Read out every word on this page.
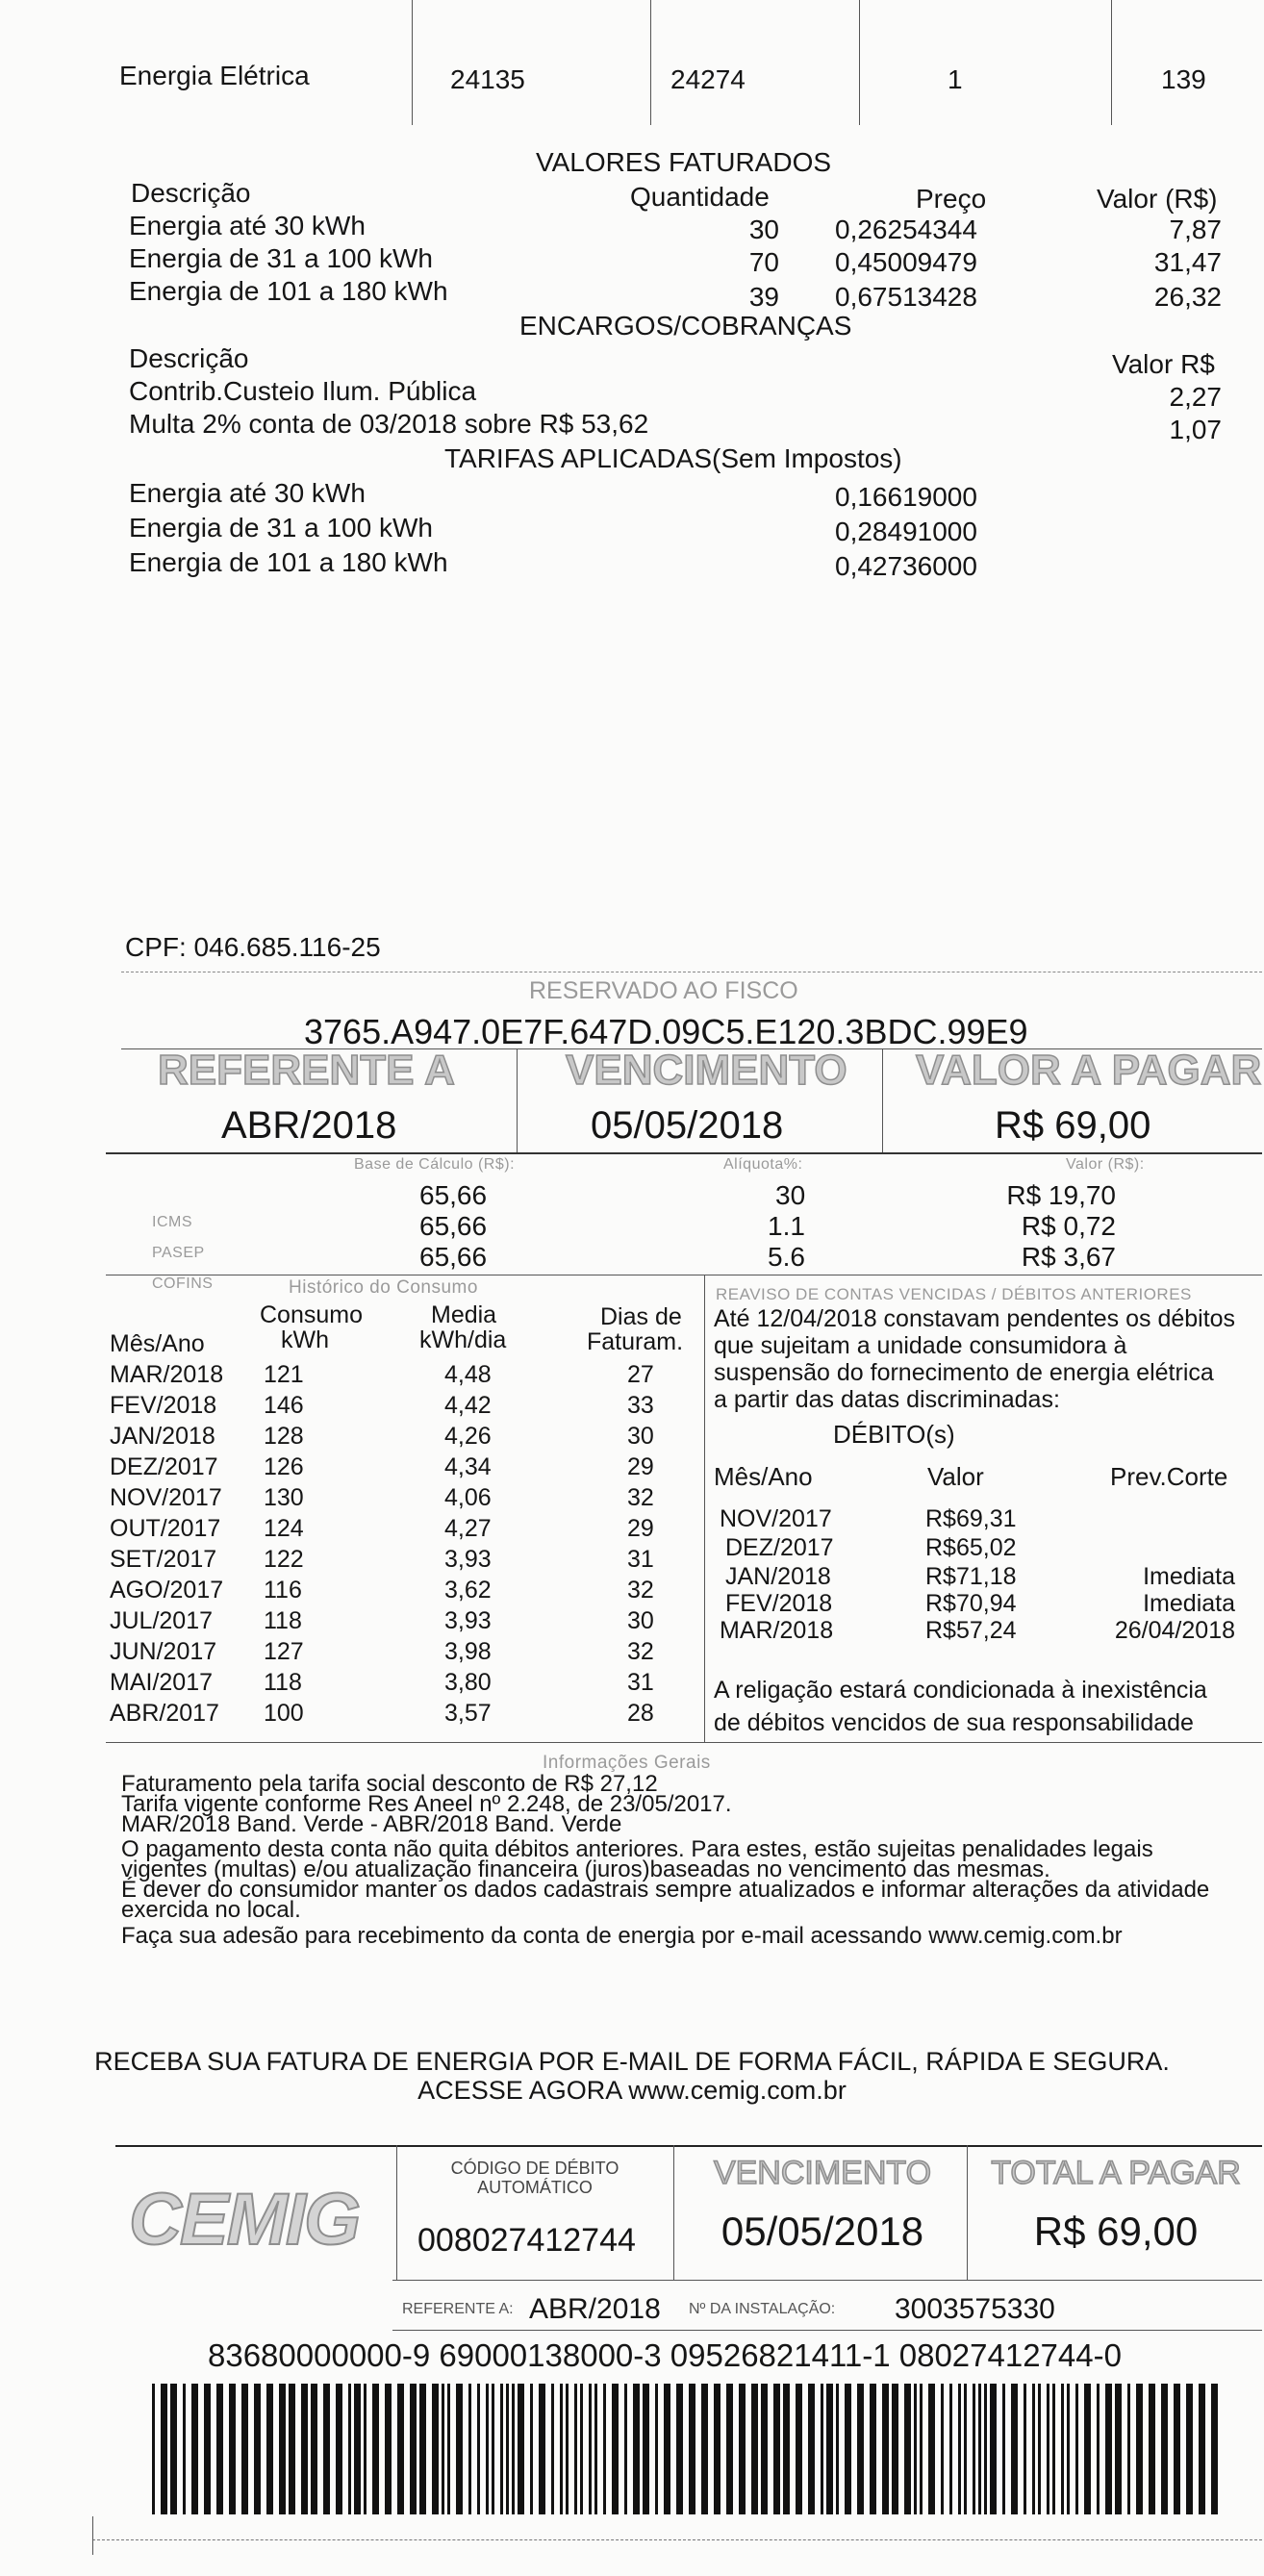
Energia Elétrica	24135	24274	1	139
VALORES FATURADOS
Descrição	Quantidade	Preço	Valor (R$)
Energia até 30 kWh	30 0,26254344	7,87
Energia de 31 a 100 kWh	70 0,45009479	31,47
Energia de 101 a 180 kWh	39 0,67513428	26,32
ENCARGOS/COBRANÇAS
Descrição	Valor R$
Contrib.Custeio Ilum. Pública	2,27
Multa 2% conta de 03/2018 sobre R$ 53,62	1,07
TARIFAS APLICADAS(Sem Impostos)
Energia até 30 kWh	0,16619000
Energia de 31 a 100 kWh	0,28491000
Energia de 101 a 180 kWh	0,42736000
CPF: 046.685.116-25
RESERVADO AO FISCO
3765.A947.0E7F.647D.09C5.E120.3BDC.99E9
REFERENTE A	VENCIMENTO VALOR A PAGAR
ABR/2018	05/05/2018	R$ 69,00
Base de Cálculo (R$):	Alíquota%:	Valor (R$):
ICMS
65,66	30	R$ 19,70
PASEP
65,66	1.1	R$ 0,72
COFINS
65,66	5.6	R$ 3,67
Histórico do Consumo
Mês/Ano
Consumo
kWh
Media
kWh/dia
Dias de
Faturam.
MAR/2018 121	4,48	27
FEV/2018 146	4,42	33
JAN/2018 128	4,26	30
DEZ/2017 126	4,34	29
NOV/2017 130	4,06	32
OUT/2017 124	4,27	29
SET/2017 122	3,93	31
AGO/2017 116	3,62	32
JUL/2017 118	3,93	30
JUN/2017 127	3,98	32
MAI/2017 118	3,80	31
ABR/2017 100	3,57	28
REAVISO DE CONTAS VENCIDAS / DÉBITOS ANTERIORES
Até 12/04/2018 constavam pendentes os débitos
que sujeitam a unidade consumidora à
suspensão do fornecimento de energia elétrica
a partir das datas discriminadas:
DÉBITO(s)
Mês/Ano	Valor	Prev.Corte
NOV/2017	R$69,31
DEZ/2017	R$65,02
JAN/2018	R$71,18	Imediata
FEV/2018	R$70,94	Imediata
MAR/2018	R$57,24	26/04/2018
A religação estará condicionada à inexistência
de débitos vencidos de sua responsabilidade
Informações Gerais
Faturamento pela tarifa social desconto de R$ 27,12
Tarifa vigente conforme Res Aneel nº 2.248, de 23/05/2017.
MAR/2018 Band. Verde - ABR/2018 Band. Verde
O pagamento desta conta não quita débitos anteriores. Para estes, estão sujeitas penalidades legais
vigentes (multas) e/ou atualização financeira (juros)baseadas no vencimento das mesmas.
É dever do consumidor manter os dados cadastrais sempre atualizados e informar alterações da atividade
exercida no local.
Faça sua adesão para recebimento da conta de energia por e-mail acessando www.cemig.com.br
RECEBA SUA FATURA DE ENERGIA POR E-MAIL DE FORMA FÁCIL, RÁPIDA E SEGURA.
ACESSE AGORA www.cemig.com.br
CEMIG
CÓDIGO DE DÉBITO
AUTOMÁTICO
008027412744
VENCIMENTO
05/05/2018
TOTAL A PAGAR
R$ 69,00
REFERENTE A: ABR/2018 Nº DA INSTALAÇÃO: 3003575330
83680000000-9 69000138000-3 09526821411-1 08027412744-0
